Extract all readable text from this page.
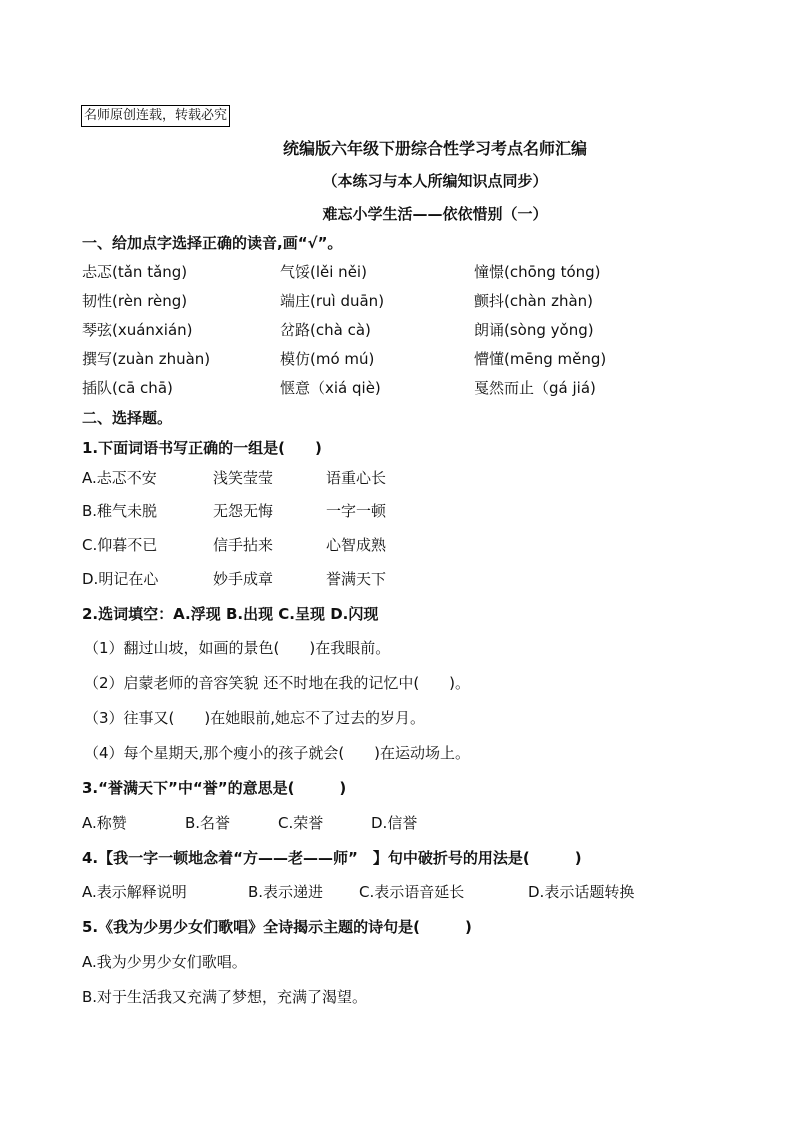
名师原创连载，转载必究
统编版六年级下册综合性学习考点名师汇编
（本练习与本人所编知识点同步）
难忘小学生活——依依惜别（一）
一、给加点字选择正确的读音,画“√”。
忐忑(tǎn tǎng)	气馁(lěi něi)	憧憬(chōng tóng)
韧性(rèn rèng)	端庄(ruì duān)	颤抖(chàn zhàn)
琴弦(xuánxián)	岔路(chà cà)	朗诵(sòng yǒng)
撰写(zuàn zhuàn)	模仿(mó mú)	懵懂(mēng měng)
插队(cā chā)	惬意（xiá qiè)	戛然而止（gá jiá)
二、选择题。
1.下面词语书写正确的一组是(　　)
A.忐忑不安	浅笑莹莹	语重心长
B.稚气未脱	无怨无悔	一字一顿
C.仰暮不已	信手拈来	心智成熟
D.明记在心	妙手成章	誉满天下
2.选词填空：A.浮现 B.出现 C.呈现 D.闪现
（1）翻过山坡，如画的景色(　　)在我眼前。
（2）启蒙老师的音容笑貌 还不时地在我的记忆中(　　)。
（3）往事又(　　)在她眼前,她忘不了过去的岁月。
（4）每个星期天,那个瘦小的孩子就会(　　)在运动场上。
3.“誉满天下”中“誉”的意思是(　　　)
A.称赞	B.名誉	C.荣誉	D.信誉
4.【我一字一顿地念着“方——老——师”　】句中破折号的用法是(　　　)
A.表示解释说明	B.表示递进 C.表示语音延长	D.表示话题转换
5.《我为少男少女们歌唱》全诗揭示主题的诗句是(　　　)
A.我为少男少女们歌唱。
B.对于生活我又充满了梦想，充满了渴望。
